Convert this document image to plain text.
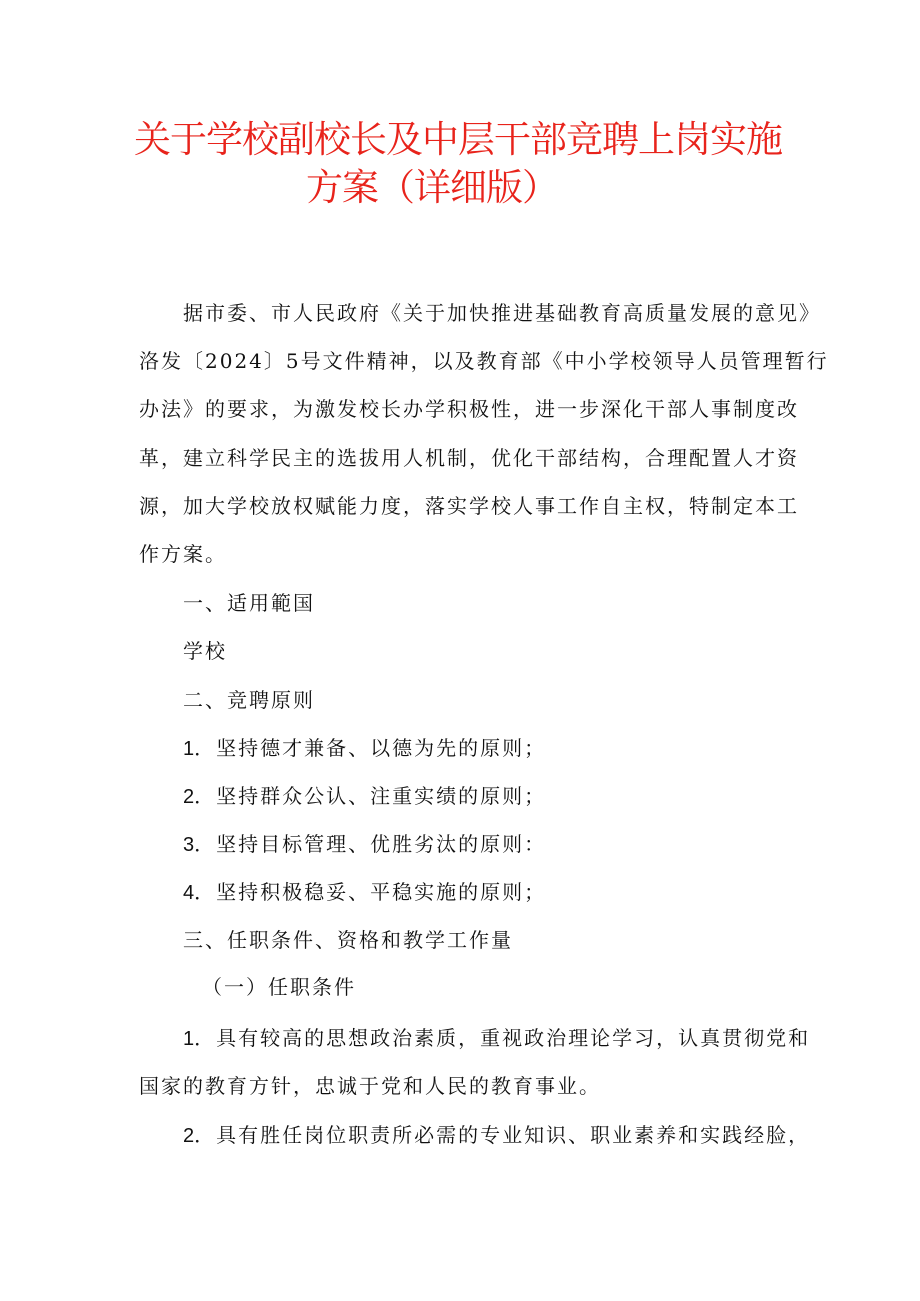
关于学校副校长及中层干部竞聘上岗实施
方案（详细版）
据市委、市人民政府《关于加快推进基础教育高质量发展的意见》
洛发〔2024〕5号文件精神，以及教育部《中小学校领导人员管理暂行
办法》的要求，为激发校长办学积极性，进一步深化干部人事制度改
革，建立科学民主的选拔用人机制，优化干部结构，合理配置人才资
源，加大学校放权赋能力度，落实学校人事工作自主权，特制定本工
作方案。
一、适用範国
学校
二、竞聘原则
1．坚持德才兼备、以德为先的原则；
2．坚持群众公认、注重实绩的原则；
3．坚持目标管理、优胜劣汰的原则：
4．坚持积极稳妥、平稳实施的原则；
三、任职条件、资格和教学工作量
（一）任职条件
1．具有较高的思想政治素质，重视政治理论学习，认真贯彻党和
国家的教育方针，忠诚于党和人民的教育事业。
2．具有胜任岗位职责所必需的专业知识、职业素养和实践经脸，
